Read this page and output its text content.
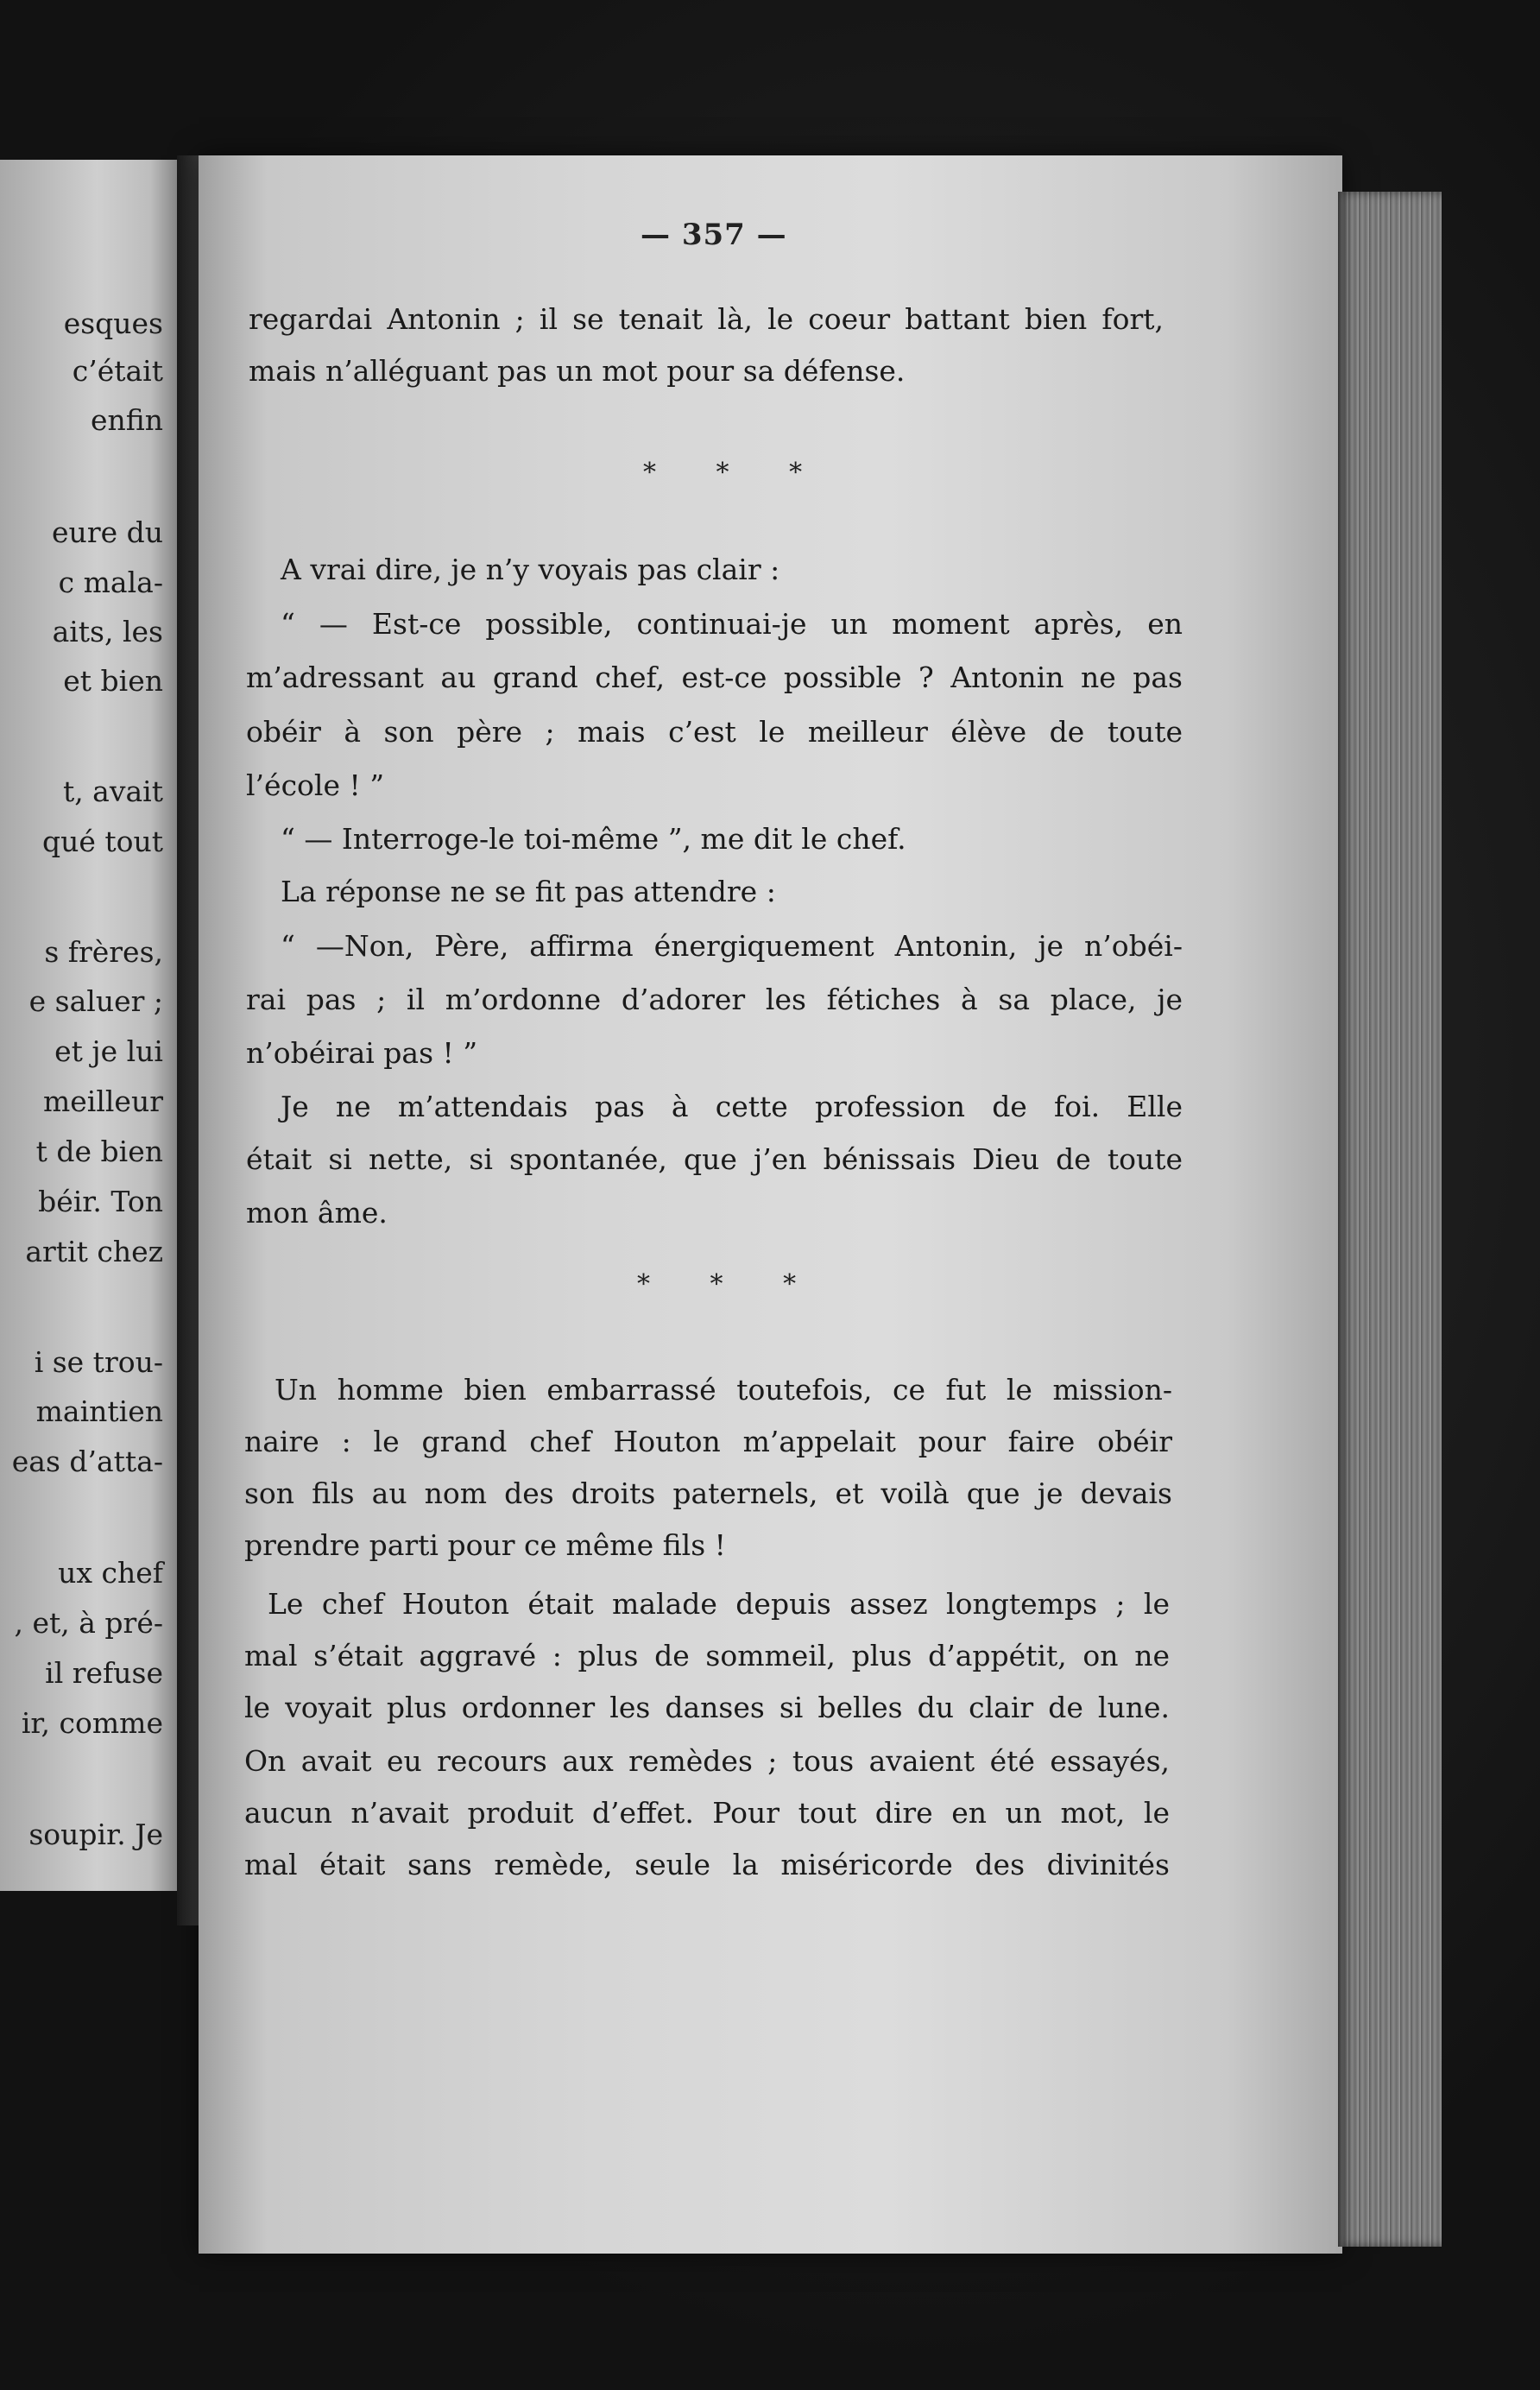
esques
c’était
enfin
eure du
c mala-
aits, les
et bien
t, avait
qué tout
s frères,
e saluer ;
et je lui
meilleur
t de bien
béir. Ton
artit chez
i se trou-
maintien
eas d’atta-
ux chef
, et, à pré-
il refuse
ir, comme
soupir. Je
— 357 —
regardai Antonin ; il se tenait là, le coeur battant bien fort,
mais n’alléguant pas un mot pour sa défense.
* * *
A vrai dire, je n’y voyais pas clair :
“ — Est-ce possible, continuai-je un moment après, en
m’adressant au grand chef, est-ce possible ? Antonin ne pas
obéir à son père ; mais c’est le meilleur élève de toute
l’école ! ”
“ — Interroge-le toi-même ”, me dit le chef.
La réponse ne se fit pas attendre :
“ —Non, Père, affirma énergiquement Antonin, je n’obéi-
rai pas ; il m’ordonne d’adorer les fétiches à sa place, je
n’obéirai pas ! ”
Je ne m’attendais pas à cette profession de foi. Elle
était si nette, si spontanée, que j’en bénissais Dieu de toute
mon âme.
* * *
Un homme bien embarrassé toutefois, ce fut le mission-
naire : le grand chef Houton m’appelait pour faire obéir
son fils au nom des droits paternels, et voilà que je devais
prendre parti pour ce même fils !
Le chef Houton était malade depuis assez longtemps ; le
mal s’était aggravé : plus de sommeil, plus d’appétit, on ne
le voyait plus ordonner les danses si belles du clair de lune.
On avait eu recours aux remèdes ; tous avaient été essayés,
aucun n’avait produit d’effet. Pour tout dire en un mot, le
mal était sans remède, seule la miséricorde des divinités
